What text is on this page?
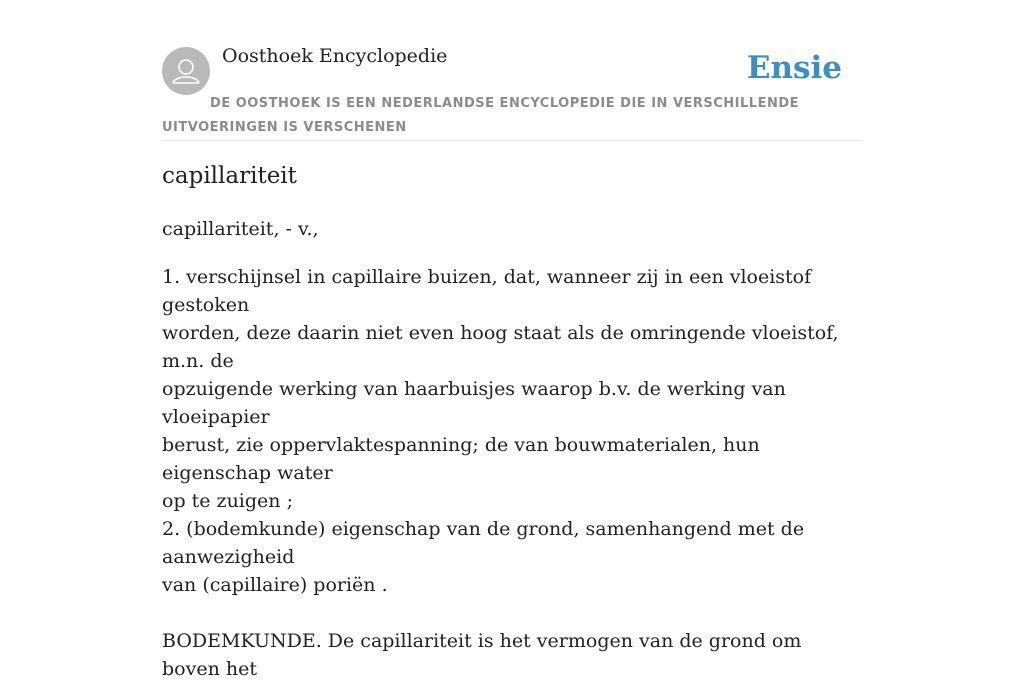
Oosthoek Encyclopedie	Ensie
DE OOSTHOEK IS EEN NEDERLANDSE ENCYCLOPEDIE DIE IN VERSCHILLENDE UITVOERINGEN IS VERSCHENEN
capillariteit
capillariteit, - v.,

1. verschijnsel in capillaire buizen, dat, wanneer zij in een vloeistof gestoken

worden, deze daarin niet even hoog staat als de omringende vloeistof, m.n. de

opzuigende werking van haarbuisjes waarop b.v. de werking van vloeipapier

berust, zie oppervlaktespanning; de van bouwmaterialen, hun eigenschap water

op te zuigen ;

2. (bodemkunde) eigenschap van de grond, samenhangend met de aanwezigheid

van (capillaire) poriën .

BODEMKUNDE. De capillariteit is het vermogen van de grond om boven het
